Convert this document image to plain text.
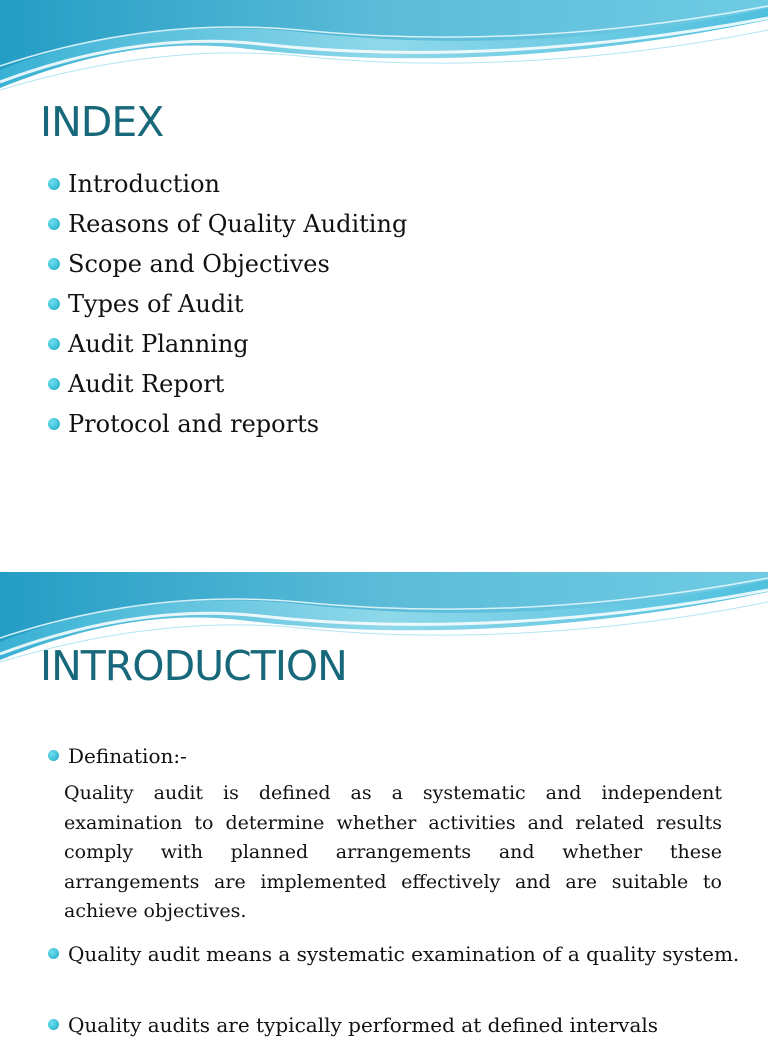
INDEX
Introduction
Reasons of Quality Auditing
Scope and Objectives
Types of Audit
Audit Planning
Audit Report
Protocol and reports
INTRODUCTION
Defination:-

Quality audit is defined as a systematic and independent examination to determine whether activities and related results comply with planned arrangements and whether these arrangements are implemented effectively and are suitable to achieve objectives.

Quality audit means a systematic examination of a quality system.
Quality audits are typically performed at defined intervals
